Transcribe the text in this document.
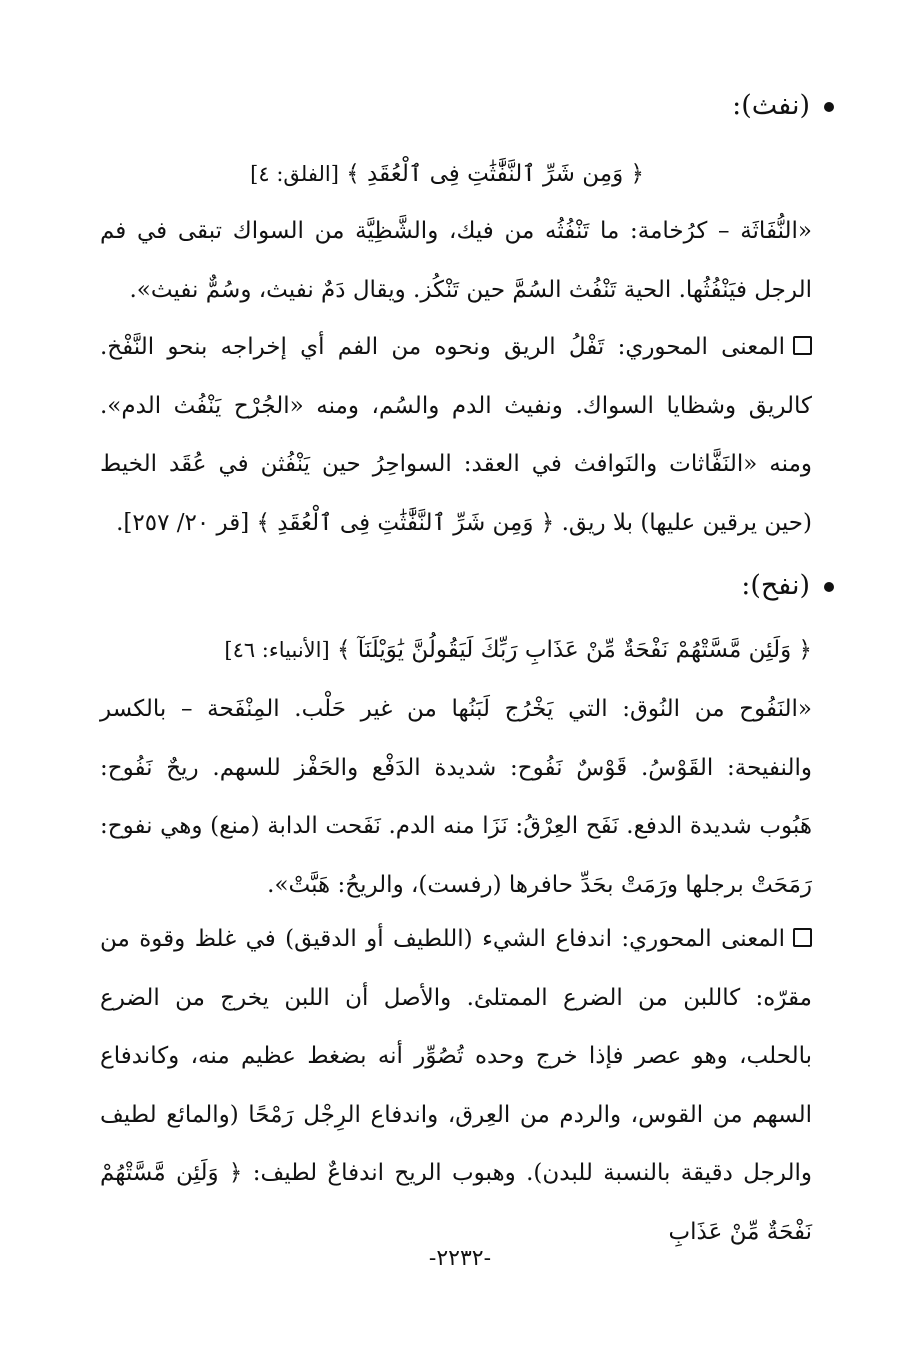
(نفث):
﴿ وَمِن شَرِّ ٱلنَّفَّٰثَٰتِ فِى ٱلْعُقَدِ ﴾ [الفلق: ٤]

«النُّفَاثَة – كرُخامة: ما تَنْفُثُه من فيك، والشَّظِيَّة من السواك تبقى في فم الرجل فيَنْفُثُها. الحية تَنْفُث السُمَّ حين تَنْكُز. ويقال دَمٌ نفيث، وسُمٌّ نفيث».

المعنى المحوري: تَفْلُ الريق ونحوه من الفم أي إخراجه بنحو النَّفْخ. كالريق وشظايا السواك. ونفيث الدم والسُم، ومنه «الجُرْح يَنْفُث الدم». ومنه «النَفَّاثات والنَوافث في العقد: السواحِرُ حين يَنْفُثن في عُقَد الخيط (حين يرقين عليها) بلا ريق. ﴿ وَمِن شَرِّ ٱلنَّفَّٰثَٰتِ فِى ٱلْعُقَدِ ﴾ [قر ٢٠/ ٢٥٧].

(نفح):
﴿ وَلَئِن مَّسَّتْهُمْ نَفْحَةٌ مِّنْ عَذَابِ رَبِّكَ لَيَقُولُنَّ يَٰوَيْلَنَآ ﴾ [الأنبياء: ٤٦]

«النَفُوح من النُوق: التي يَخْرُج لَبَنُها من غير حَلْب. المِنْفَحة – بالكسر والنفيحة: القَوْسُ. قَوْسٌ نَفُوح: شديدة الدَفْع والحَفْز للسهم. ريحٌ نَفُوح: هَبُوب شديدة الدفع. نَفَح العِرْقُ: نَزَا منه الدم. نَفَحت الدابة (منع) وهي نفوح: رَمَحَتْ برجلها ورَمَتْ بحَدِّ حافرها (رفست)، والريحُ: هَبَّتْ».

المعنى المحوري: اندفاع الشيء (اللطيف أو الدقيق) في غلظ وقوة من مقرّه: كاللبن من الضرع الممتلئ. والأصل أن اللبن يخرج من الضرع بالحلب، وهو عصر فإذا خرج وحده تُصُوِّر أنه بضغط عظيم منه، وكاندفاع السهم من القوس، والردم من العِرق، واندفاع الرِجْل رَمْحًا (والمائع لطيف والرجل دقيقة بالنسبة للبدن). وهبوب الريح اندفاعٌ لطيف: ﴿ وَلَئِن مَّسَّتْهُمْ نَفْحَةٌ مِّنْ عَذَابِ

-٢٢٣٢-
